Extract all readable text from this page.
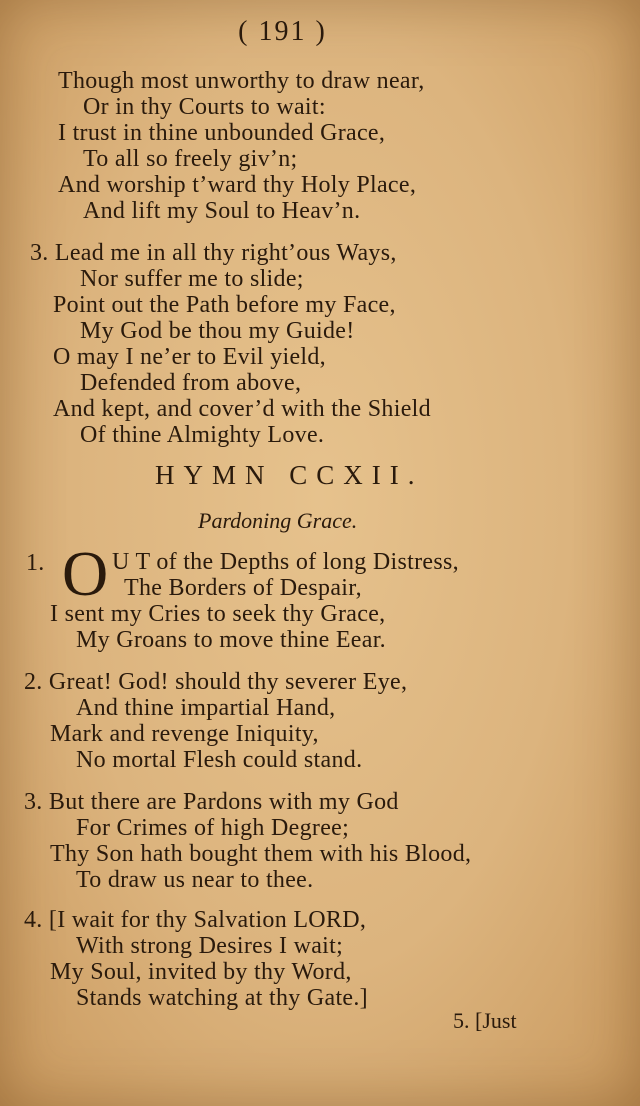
( 191 )
Though most unworthy to draw near,
Or in thy Courts to wait:
I trust in thine unbounded Grace,
To all so freely giv’n;
And worship t’ward thy Holy Place,
And lift my Soul to Heav’n.
3. Lead me in all thy right’ous Ways,
Nor suffer me to slide;
Point out the Path before my Face,
My God be thou my Guide!
O may I ne’er to Evil yield,
Defended from above,
And kept, and cover’d with the Shield
Of thine Almighty Love.
HYMN CCXII.
Pardoning Grace.
1. O U T of the Depths of long Distress,
The Borders of Despair,
I sent my Cries to seek thy Grace,
My Groans to move thine Eear.
2. Great! God! should thy severer Eye,
And thine impartial Hand,
Mark and revenge Iniquity,
No mortal Flesh could stand.
3. But there are Pardons with my God
For Crimes of high Degree;
Thy Son hath bought them with his Blood,
To draw us near to thee.
4. [I wait for thy Salvation LORD,
With strong Desires I wait;
My Soul, invited by thy Word,
Stands watching at thy Gate.]
5. [Just
